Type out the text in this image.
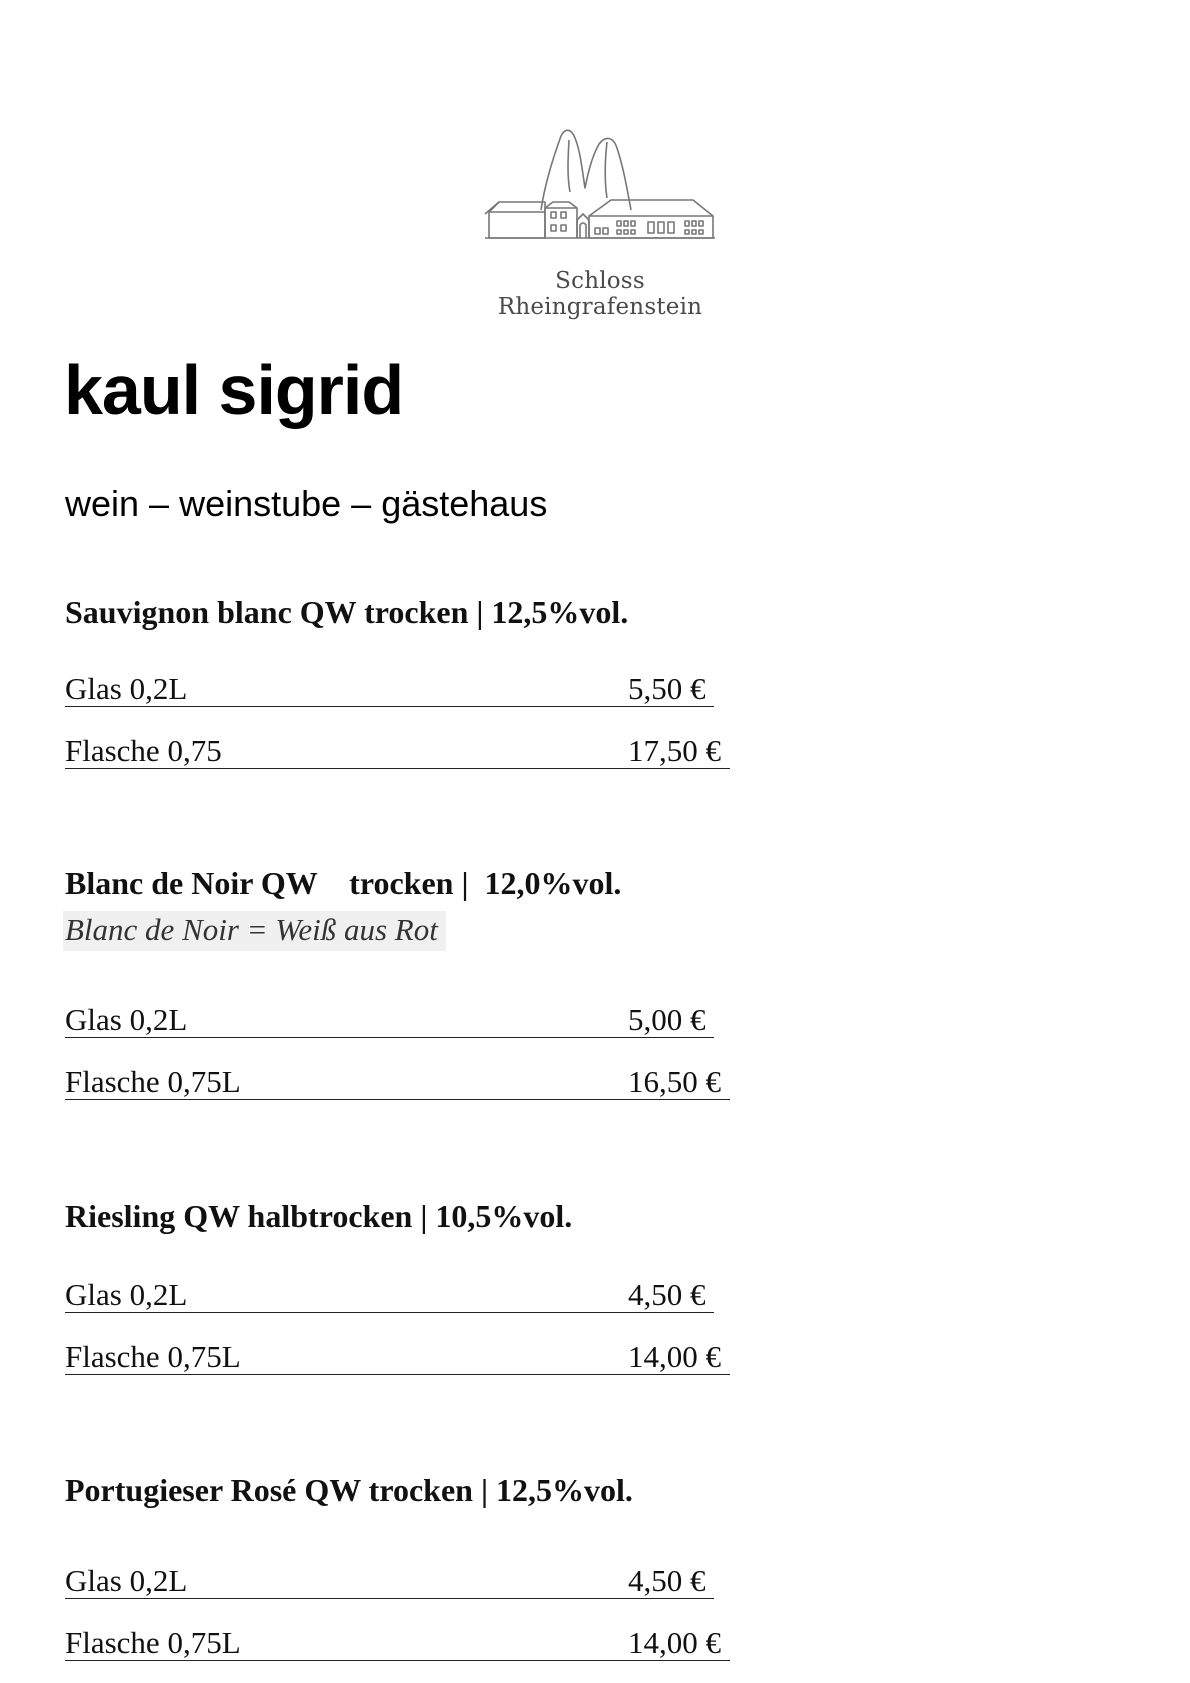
Schloss Rheingrafenstein
kaul sigrid

wein – weinstube – gästehaus

Sauvignon blanc QW trocken | 12,5%vol.
Glas 0,2L	5,50 €
Flasche 0,75	17,50 €
Blanc de Noir QW    trocken |  12,0%vol.
Blanc de Noir = Weiß aus Rot
Glas 0,2L	5,00 €
Flasche 0,75L	16,50 €
Riesling QW halbtrocken | 10,5%vol.
Glas 0,2L	4,50 €
Flasche 0,75L	14,00 €
Portugieser Rosé QW trocken | 12,5%vol.
Glas 0,2L	4,50 €
Flasche 0,75L	14,00 €
